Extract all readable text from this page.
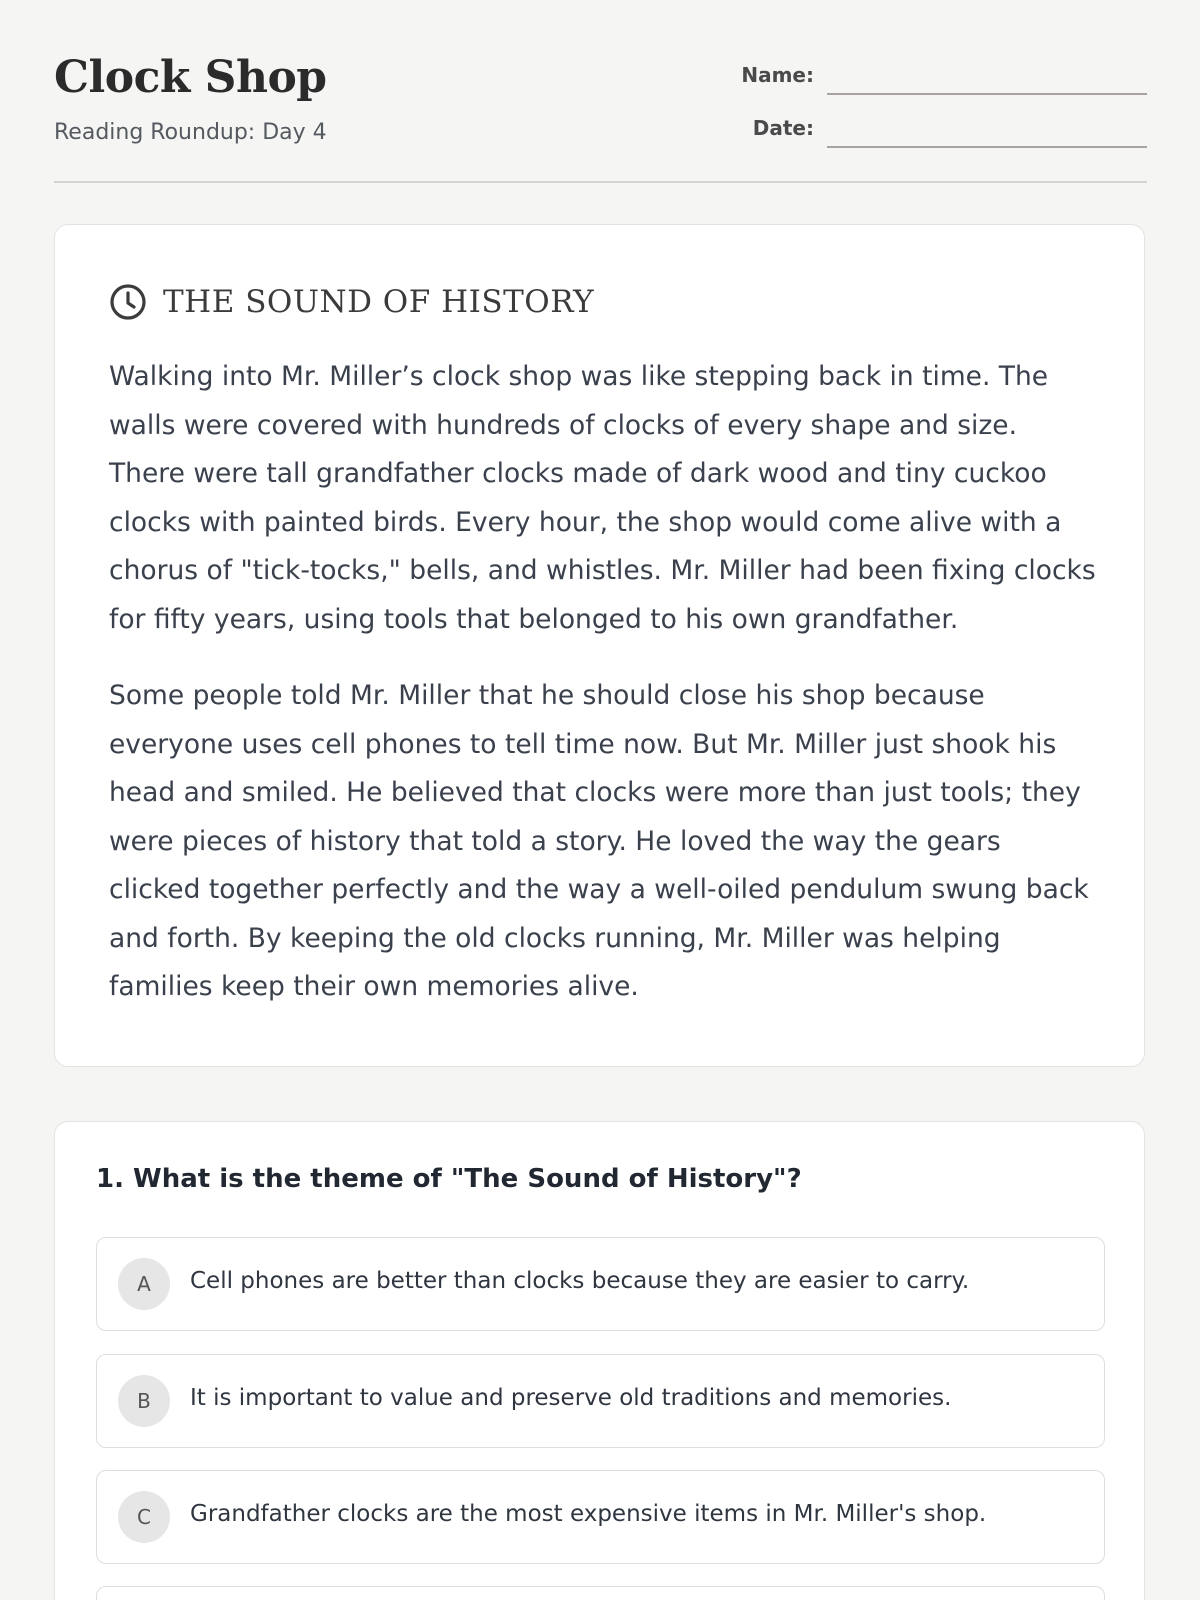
Clock Shop
Reading Roundup: Day 4
Name:
Date:
THE SOUND OF HISTORY

Walking into Mr. Miller’s clock shop was like stepping back in time. The walls were covered with hundreds of clocks of every shape and size. There were tall grandfather clocks made of dark wood and tiny cuckoo clocks with painted birds. Every hour, the shop would come alive with a chorus of "tick-tocks," bells, and whistles. Mr. Miller had been fixing clocks for fifty years, using tools that belonged to his own grandfather.

Some people told Mr. Miller that he should close his shop because everyone uses cell phones to tell time now. But Mr. Miller just shook his head and smiled. He believed that clocks were more than just tools; they were pieces of history that told a story. He loved the way the gears clicked together perfectly and the way a well-oiled pendulum swung back and forth. By keeping the old clocks running, Mr. Miller was helping families keep their own memories alive.

1. What is the theme of "The Sound of History"?
A	Cell phones are better than clocks because they are easier to carry.
B	It is important to value and preserve old traditions and memories.
C	Grandfather clocks are the most expensive items in Mr. Miller's shop.
